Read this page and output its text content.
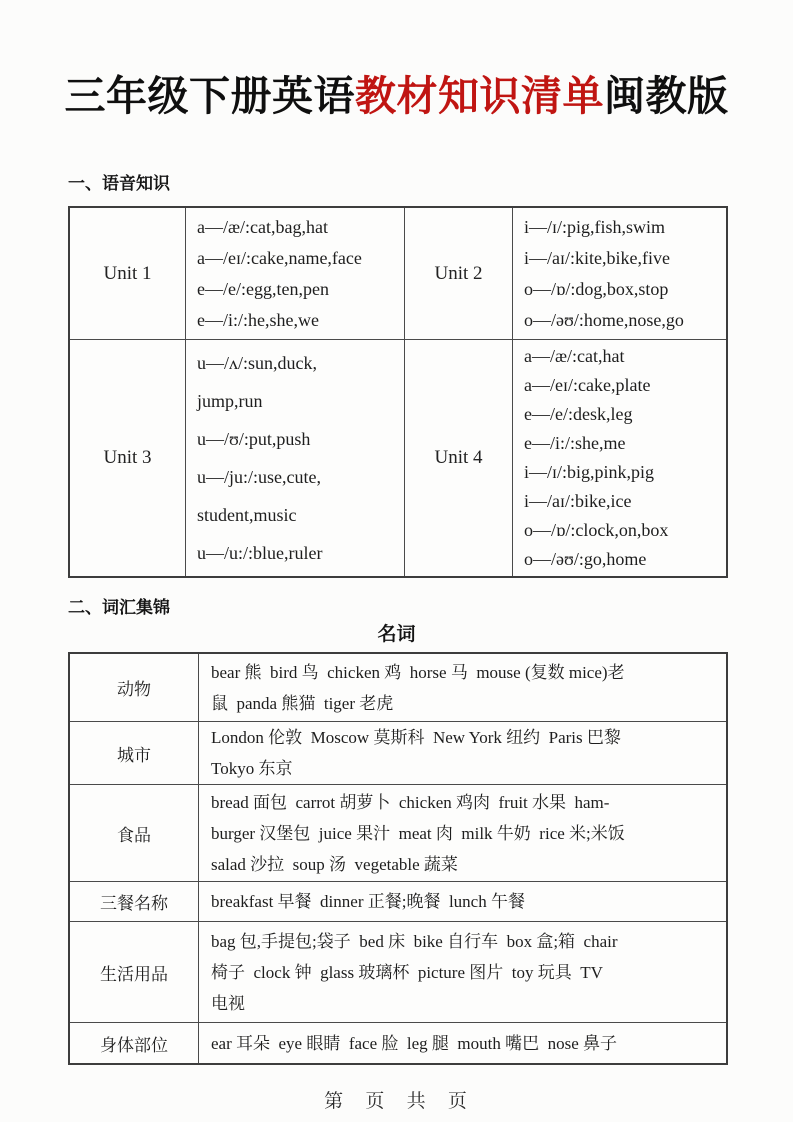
三年级下册英语教材知识清单闽教版
一、语音知识
Unit 1
a—/æ/:cat,bag,hat
a—/eɪ/:cake,name,face
e—/e/:egg,ten,pen
e—/i:/:he,she,we
Unit 2
i—/ɪ/:pig,fish,swim
i—/aɪ/:kite,bike,five
o—/ɒ/:dog,box,stop
o—/əʊ/:home,nose,go
Unit 3
u—/ʌ/:sun,duck,
jump,run
u—/ʊ/:put,push
u—/ju:/:use,cute,
student,music
u—/u:/:blue,ruler
Unit 4
a—/æ/:cat,hat
a—/eɪ/:cake,plate
e—/e/:desk,leg
e—/i:/:she,me
i—/ɪ/:big,pink,pig
i—/aɪ/:bike,ice
o—/ɒ/:clock,on,box
o—/əʊ/:go,home
二、词汇集锦
名词
动物
bear 熊  bird 鸟  chicken 鸡  horse 马  mouse (复数 mice)老
鼠  panda 熊猫  tiger 老虎
城市
London 伦敦  Moscow 莫斯科  New York 纽约  Paris 巴黎
Tokyo 东京
食品
bread 面包  carrot 胡萝卜  chicken 鸡肉  fruit 水果  ham-
burger 汉堡包  juice 果汁  meat 肉  milk 牛奶  rice 米;米饭
salad 沙拉  soup 汤  vegetable 蔬菜
三餐名称	breakfast 早餐  dinner 正餐;晚餐  lunch 午餐
生活用品
bag 包,手提包;袋子  bed 床  bike 自行车  box 盒;箱  chair
椅子  clock 钟  glass 玻璃杯  picture 图片  toy 玩具  TV
电视
身体部位	ear 耳朵  eye 眼睛  face 脸  leg 腿  mouth 嘴巴  nose 鼻子
第 页 共 页
